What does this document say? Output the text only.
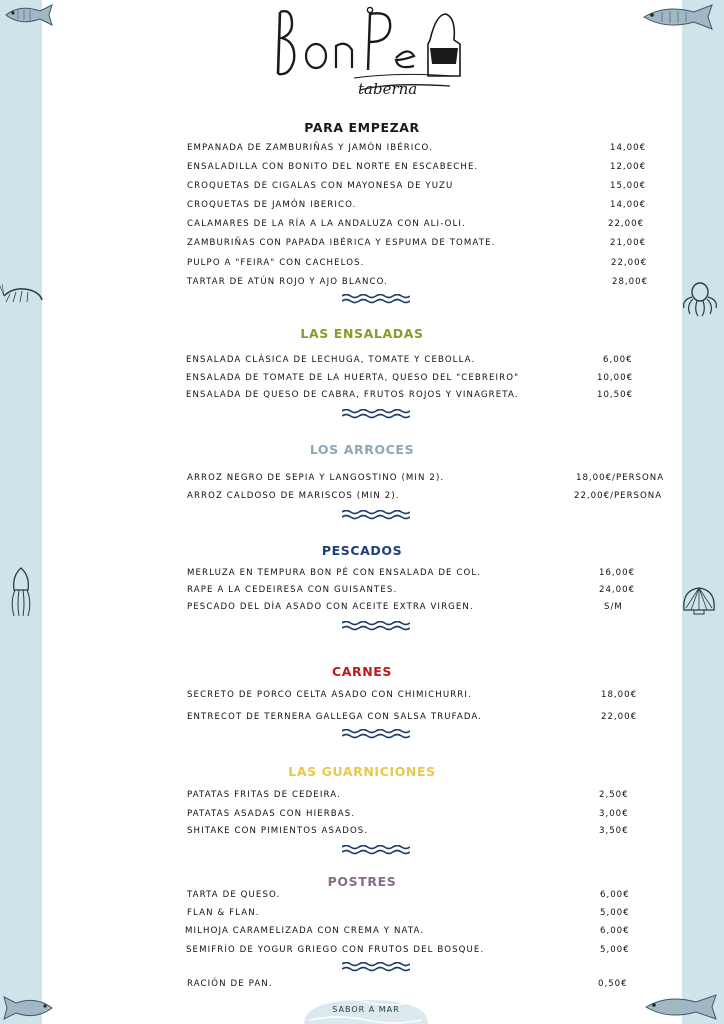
taberna
PARA EMPEZAR
LAS ENSALADAS
LOS ARROCES
PESCADOS
CARNES
LAS GUARNICIONES
POSTRES
EMPANADA DE ZAMBURIÑAS Y JAMÓN IBÉRICO.	14,00€
ENSALADILLA CON BONITO DEL NORTE EN ESCABECHE.	12,00€
CROQUETAS DE CIGALAS CON MAYONESA DE YUZU	15,00€
CROQUETAS DE JAMÓN IBERICO.	14,00€
CALAMARES DE LA RÍA A LA ANDALUZA CON ALI-OLI.	22,00€
ZAMBURIÑAS CON PAPADA IBÉRICA Y ESPUMA DE TOMATE.	21,00€
PULPO A "FEIRA" CON CACHELOS.	22,00€
TARTAR DE ATÚN ROJO Y AJO BLANCO.	28,00€
ENSALADA CLÁSICA DE LECHUGA, TOMATE Y CEBOLLA.	6,00€
ENSALADA DE TOMATE DE LA HUERTA, QUESO DEL "CEBREIRO"	10,00€
ENSALADA DE QUESO DE CABRA, FRUTOS ROJOS Y VINAGRETA.	10,50€
ARROZ NEGRO DE SEPIA Y LANGOSTINO (MIN 2).	18,00€/PERSONA
ARROZ CALDOSO DE MARISCOS (MIN 2).	22,00€/PERSONA
MERLUZA EN TEMPURA BON PÉ CON ENSALADA DE COL.	16,00€
RAPE A LA CEDEIRESA CON GUISANTES.	24,00€
PESCADO DEL DÍA ASADO CON ACEITE EXTRA VIRGEN.	S/M
SECRETO DE PORCO CELTA ASADO CON CHIMICHURRI.	18,00€
ENTRECOT DE TERNERA GALLEGA CON SALSA TRUFADA.	22,00€
PATATAS FRITAS DE CEDEIRA.	2,50€
PATATAS ASADAS CON HIERBAS.	3,00€
SHITAKE CON PIMIENTOS ASADOS.	3,50€
TARTA DE QUESO.	6,00€
FLAN & FLAN.	5,00€
MILHOJA CARAMELIZADA CON CREMA Y NATA.	6,00€
SEMIFRÍO DE YOGUR GRIEGO CON FRUTOS DEL BOSQUE.	5,00€
RACIÓN DE PAN.	0,50€
SABOR A MAR
